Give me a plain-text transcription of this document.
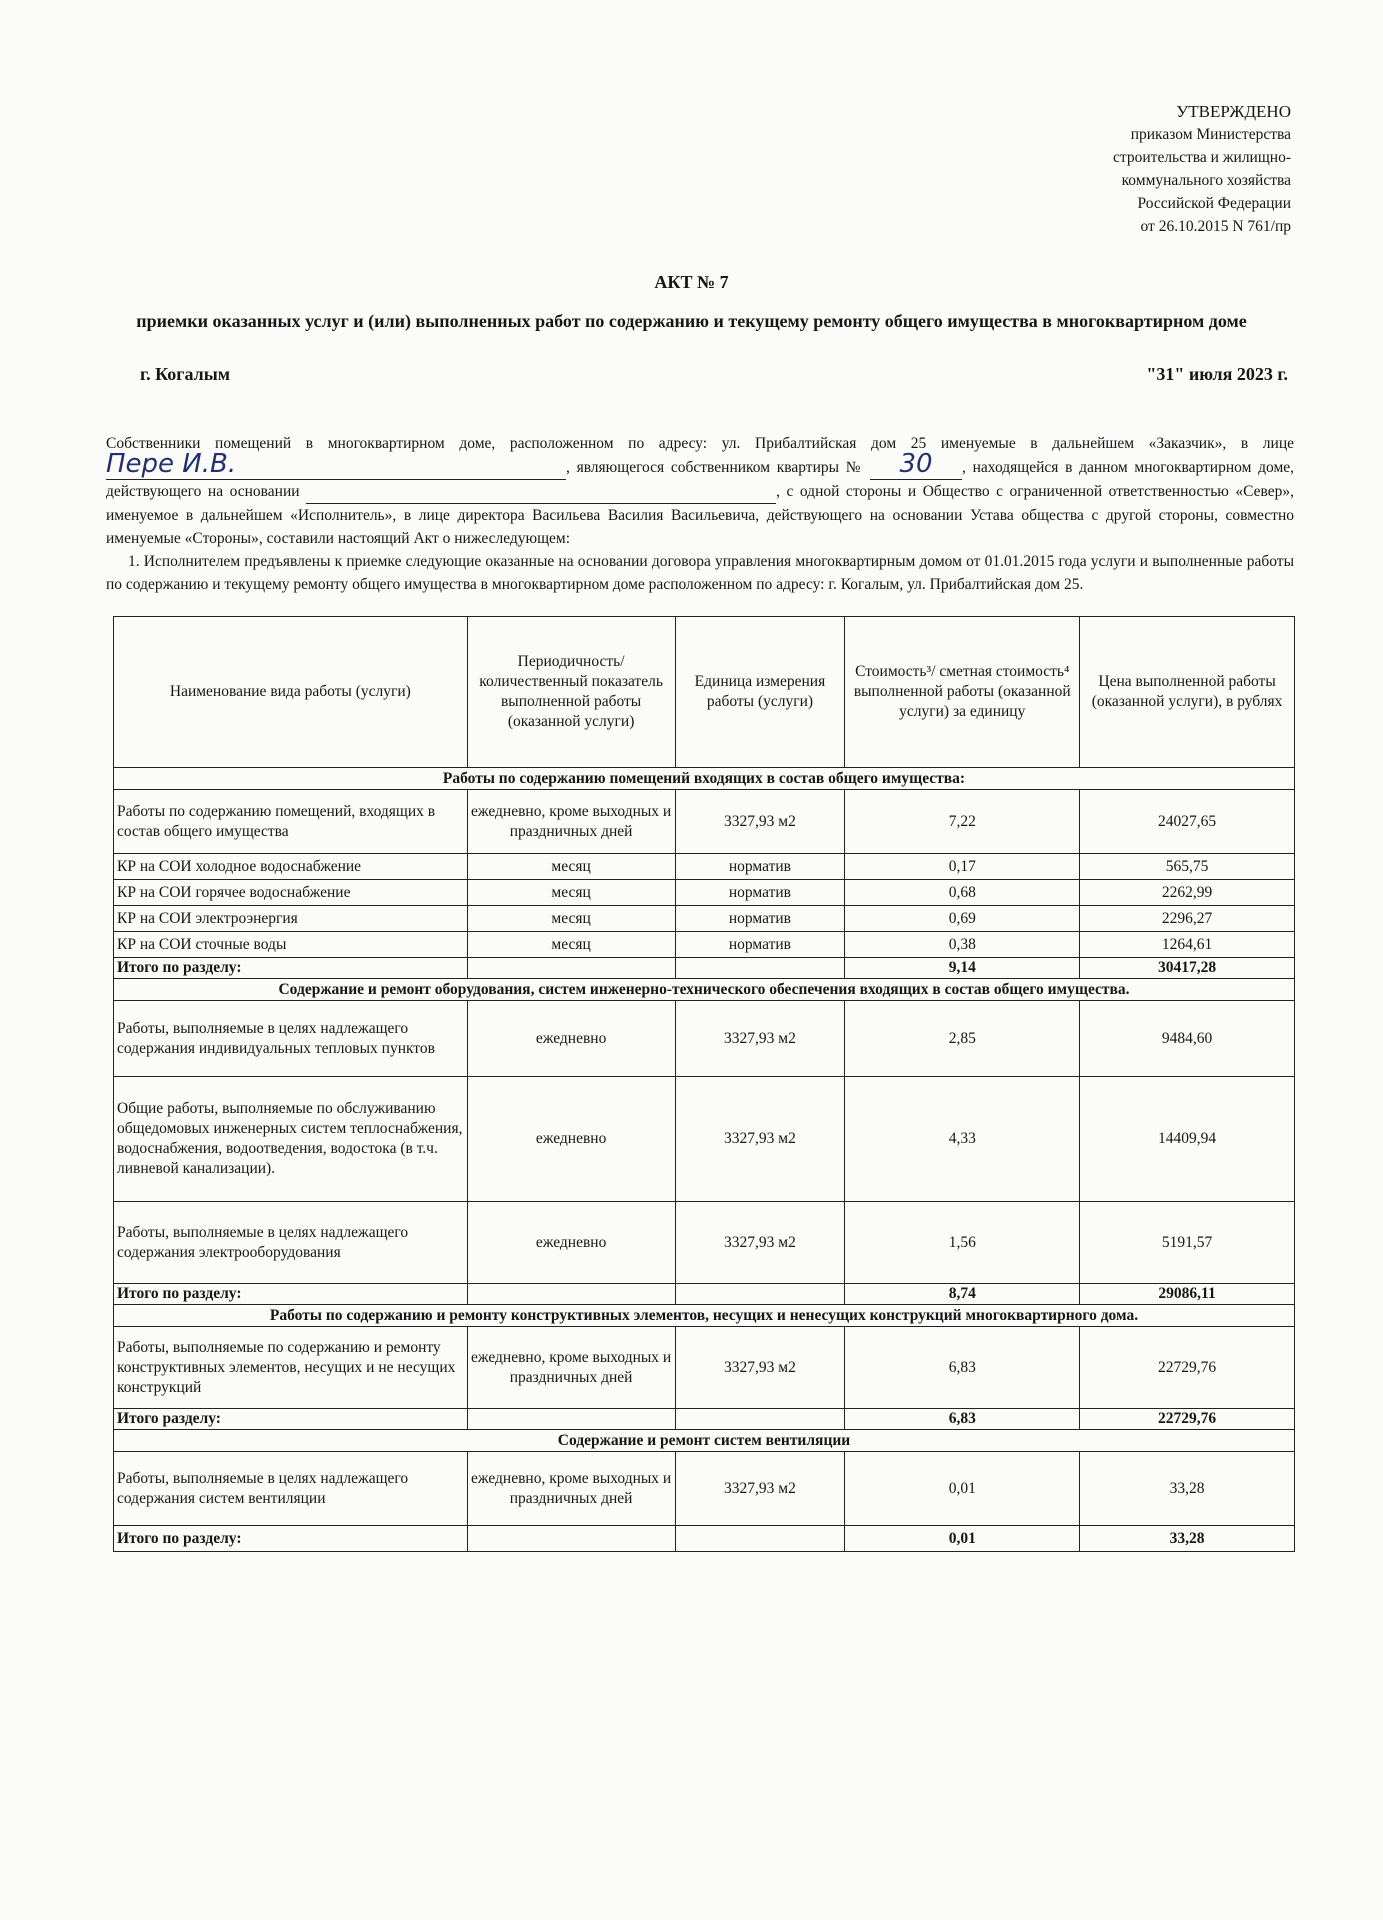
УТВЕРЖДЕНО
приказом Министерства
строительства и жилищно-
коммунального хозяйства
Российской Федерации
от 26.10.2015 N 761/пр
АКТ № 7
приемки оказанных услуг и (или) выполненных работ по содержанию и текущему ремонту общего имущества в многоквартирном доме
г. Когалым	"31" июля 2023 г.

Собственники помещений в многоквартирном доме, расположенном по адресу: ул. Прибалтийская дом 25 именуемые в дальнейшем «Заказчик», в лице Пере И.В.	, являющегося собственником квартиры № 30 , находящейся в данном многоквартирном доме, действующего на основании	, с одной стороны и Общество с ограниченной ответственностью «Север», именуемое в дальнейшем «Исполнитель», в лице директора Васильева Василия Васильевича, действующего на основании Устава общества с другой стороны, совместно именуемые «Стороны», составили настоящий Акт о нижеследующем:

1. Исполнителем предъявлены к приемке следующие оказанные на основании договора управления многоквартирным домом от 01.01.2015 года услуги и выполненные работы по содержанию и текущему ремонту общего имущества в многоквартирном доме расположенном по адресу: г. Когалым, ул. Прибалтийская дом 25.

Наименование вида работы (услуги)	Периодичность/ количественный показатель выполненной работы (оказанной услуги)	Единица измерения работы (услуги)	Стоимость³/ сметная стоимость⁴ выполненной работы (оказанной услуги) за единицу	Цена выполненной работы (оказанной услуги), в рублях
Работы по содержанию помещений входящих в состав общего имущества:				
Работы по содержанию помещений, входящих в состав общего имущества	ежедневно, кроме выходных и праздничных дней	3327,93 м2	7,22	24027,65
КР на СОИ холодное водоснабжение	месяц	норматив	0,17	565,75
КР на СОИ горячее водоснабжение	месяц	норматив	0,68	2262,99
КР на СОИ электроэнергия	месяц	норматив	0,69	2296,27
КР на СОИ сточные воды	месяц	норматив	0,38	1264,61
Итого по разделу:			9,14	30417,28
Содержание и ремонт оборудования, систем инженерно-технического обеспечения входящих в состав общего имущества.				
Работы, выполняемые в целях надлежащего содержания индивидуальных тепловых пунктов	ежедневно	3327,93 м2	2,85	9484,60
Общие работы, выполняемые по обслуживанию общедомовых инженерных систем теплоснабжения, водоснабжения, водоотведения, водостока (в т.ч. ливневой канализации).	ежедневно	3327,93 м2	4,33	14409,94
Работы, выполняемые в целях надлежащего содержания электрооборудования	ежедневно	3327,93 м2	1,56	5191,57
Итого по разделу:			8,74	29086,11
Работы по содержанию и ремонту конструктивных элементов, несущих и ненесущих конструкций многоквартирного дома.				
Работы, выполняемые по содержанию и ремонту конструктивных элементов, несущих и не несущих конструкций	ежедневно, кроме выходных и праздничных дней	3327,93 м2	6,83	22729,76
Итого разделу:			6,83	22729,76
Содержание и ремонт систем вентиляции				
Работы, выполняемые в целях надлежащего содержания систем вентиляции	ежедневно, кроме выходных и праздничных дней	3327,93 м2	0,01	33,28
Итого по разделу:			0,01	33,28
